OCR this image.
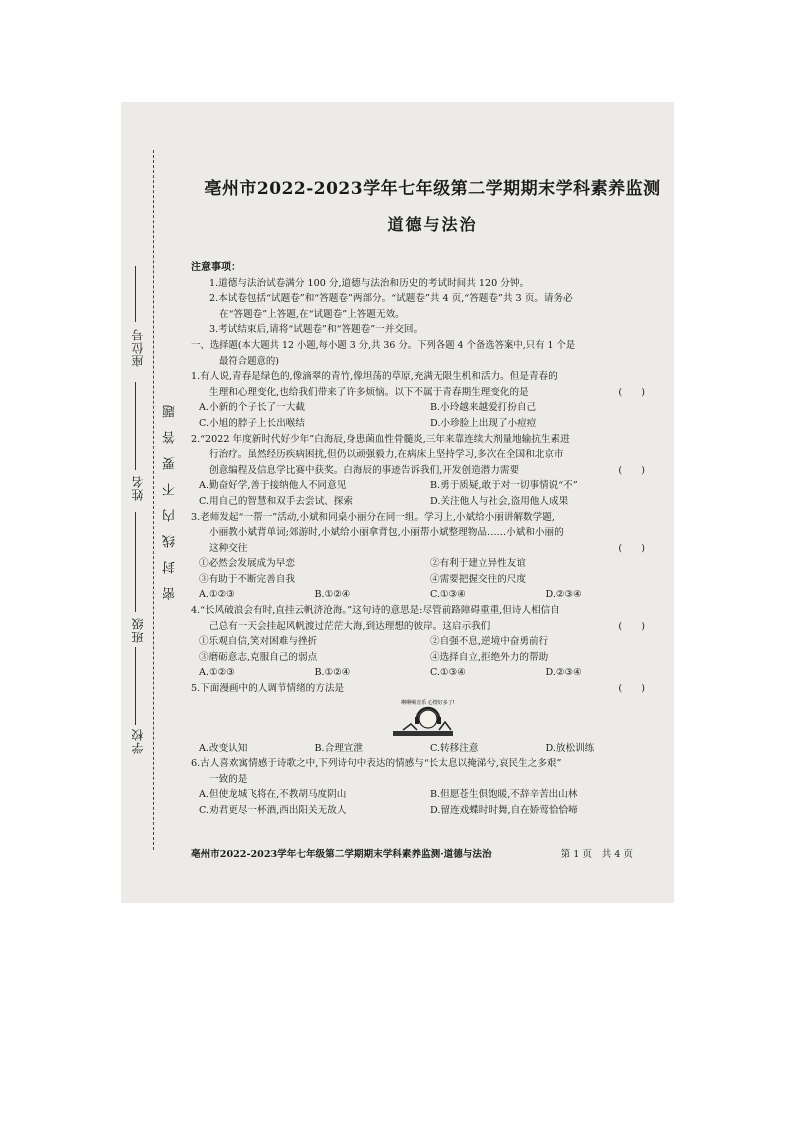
座位号
姓名
班级
学校
密封线内不要答题
亳州市2022-2023学年七年级第二学期期末学科素养监测
道德与法治

注意事项：

1.道德与法治试卷满分 100 分,道德与法治和历史的考试时间共 120 分钟。

2.本试卷包括“试题卷”和“答题卷”两部分。“试题卷”共 4 页,“答题卷”共 3 页。请务必

在“答题卷”上答题,在“试题卷”上答题无效。

3.考试结束后,请将“试题卷”和“答题卷”一并交回。

一、选择题(本大题共 12 小题,每小题 3 分,共 36 分。下列各题 4 个备选答案中,只有 1 个是

最符合题意的)

1.有人说,青春是绿色的,像滴翠的青竹,像坦荡的草原,充满无限生机和活力。但是青春的

生理和心理变化,也给我们带来了许多烦恼。以下不属于青春期生理变化的是	(　　)

A.小新的个子长了一大截	B.小玲越来越爱打扮自己
C.小旭的脖子上长出喉结	D.小珍脸上出现了小痘痘

2.“2022 年度新时代好少年”白海辰,身患菌血性骨髓炎,三年来靠连续大剂量地输抗生素进

行治疗。虽然经历疾病困扰,但仍以顽强毅力,在病床上坚持学习,多次在全国和北京市

创意编程及信息学比赛中获奖。白海辰的事迹告诉我们,开发创造潜力需要	(　　)

A.勤奋好学,善于接纳他人不同意见	B.勇于质疑,敢于对一切事情说“不”
C.用自己的智慧和双手去尝试、探索	D.关注他人与社会,盗用他人成果

3.老师发起“一帮一”活动,小斌和同桌小丽分在同一组。学习上,小斌给小丽讲解数学题,

小丽教小斌背单词;郊游时,小斌给小丽拿背包,小丽帮小斌整理物品……小斌和小丽的

这种交往	(　　)

①必然会发展成为早恋	②有利于建立异性友谊
③有助于不断完善自我	④需要把握交往的尺度
A.①②③	B.①②④	C.①③④	D.②③④

4.“长风破浪会有时,直挂云帆济沧海。”这句诗的意思是:尽管前路障碍重重,但诗人相信自

己总有一天会挂起风帆渡过茫茫大海,到达理想的彼岸。这启示我们	(　　)

①乐观自信,笑对困难与挫折	②自强不息,逆境中奋勇前行
③磨砺意志,克服自己的弱点	④选择自立,拒绝外力的帮助
A.①②③	B.①②④	C.①③④	D.②③④

5.下面漫画中的人调节情绪的方法是	(　　)

啊啊嗬音乐 心情好多了!
A.改变认知	B.合理宣泄	C.转移注意	D.放松训练

6.古人喜欢寓情感于诗歌之中,下列诗句中表达的情感与“长太息以掩涕兮,哀民生之多艰”

一致的是

A.但使龙城飞将在,不教胡马度阴山	B.但愿苍生俱饱暖,不辞辛苦出山林
C.劝君更尽一杯酒,西出阳关无故人	D.留连戏蝶时时舞,自在娇莺恰恰啼
亳州市2022-2023学年七年级第二学期期末学科素养监测·道德与法治	第 1 页　共 4 页
